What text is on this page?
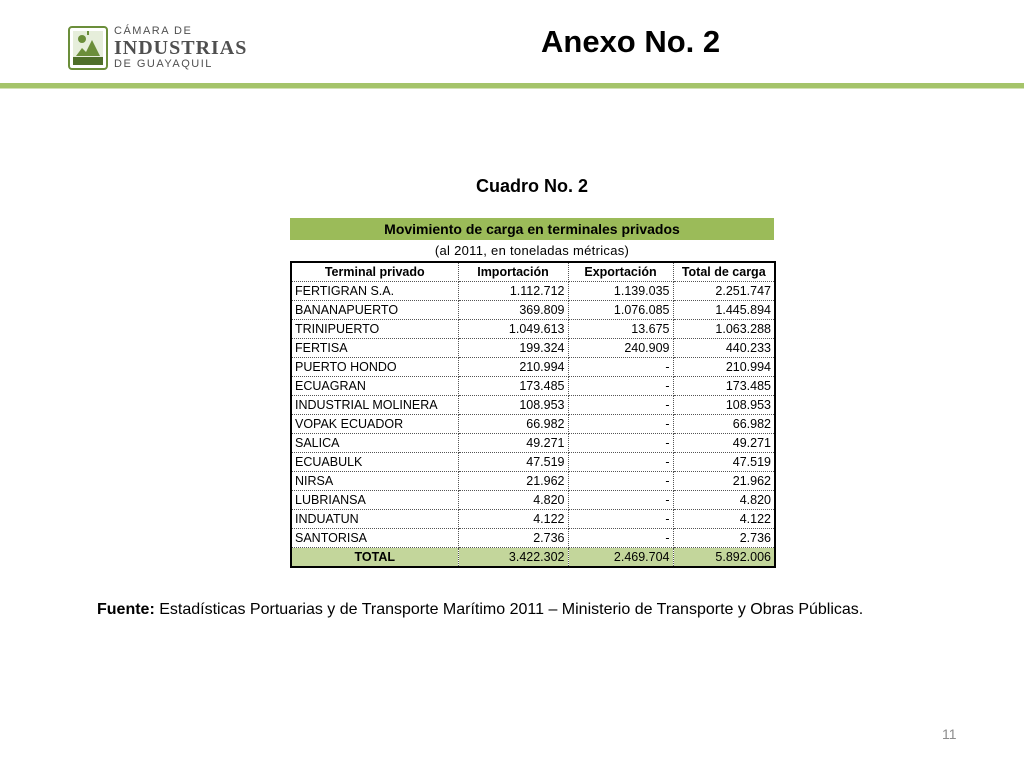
CÁMARA DE
INDUSTRIAS
DE GUAYAQUIL
Anexo No. 2
Cuadro No. 2
Movimiento de carga en terminales privados
(al 2011, en toneladas métricas)
Terminal privado	Importación	Exportación	Total de carga
FERTIGRAN S.A.	1.112.712	1.139.035	2.251.747
BANANAPUERTO	369.809	1.076.085	1.445.894
TRINIPUERTO	1.049.613	13.675	1.063.288
FERTISA	199.324	240.909	440.233
PUERTO HONDO	210.994	-	210.994
ECUAGRAN	173.485	-	173.485
INDUSTRIAL MOLINERA	108.953	-	108.953
VOPAK ECUADOR	66.982	-	66.982
SALICA	49.271	-	49.271
ECUABULK	47.519	-	47.519
NIRSA	21.962	-	21.962
LUBRIANSA	4.820	-	4.820
INDUATUN	4.122	-	4.122
SANTORISA	2.736	-	2.736
TOTAL	3.422.302	2.469.704	5.892.006

Fuente: Estadísticas Portuarias y de Transporte Marítimo 2011 – Ministerio de Transporte y Obras Públicas.

11
